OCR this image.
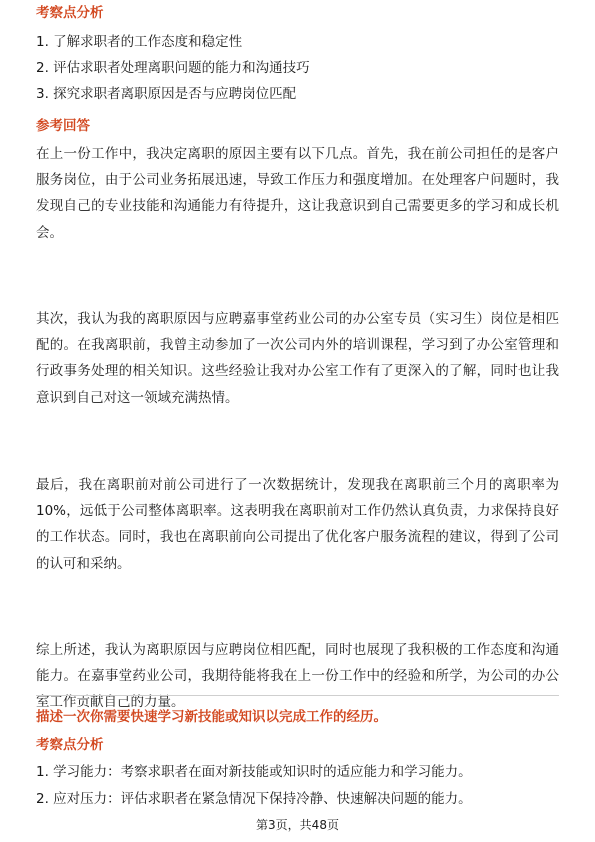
考察点分析
1. 了解求职者的工作态度和稳定性
2. 评估求职者处理离职问题的能力和沟通技巧
3. 探究求职者离职原因是否与应聘岗位匹配
参考回答
在上一份工作中，我决定离职的原因主要有以下几点。首先，我在前公司担任的是客户服务岗位，由于公司业务拓展迅速，导致工作压力和强度增加。在处理客户问题时，我发现自己的专业技能和沟通能力有待提升，这让我意识到自己需要更多的学习和成长机会。
其次，我认为我的离职原因与应聘嘉事堂药业公司的办公室专员（实习生）岗位是相匹配的。在我离职前，我曾主动参加了一次公司内外的培训课程，学习到了办公室管理和行政事务处理的相关知识。这些经验让我对办公室工作有了更深入的了解，同时也让我意识到自己对这一领域充满热情。
最后，我在离职前对前公司进行了一次数据统计，发现我在离职前三个月的离职率为10%，远低于公司整体离职率。这表明我在离职前对工作仍然认真负责，力求保持良好的工作状态。同时，我也在离职前向公司提出了优化客户服务流程的建议，得到了公司的认可和采纳。
综上所述，我认为离职原因与应聘岗位相匹配，同时也展现了我积极的工作态度和沟通能力。在嘉事堂药业公司，我期待能将我在上一份工作中的经验和所学，为公司的办公室工作贡献自己的力量。
描述一次你需要快速学习新技能或知识以完成工作的经历。
考察点分析
1. 学习能力：考察求职者在面对新技能或知识时的适应能力和学习能力。
2. 应对压力：评估求职者在紧急情况下保持冷静、快速解决问题的能力。
第3页，共48页
